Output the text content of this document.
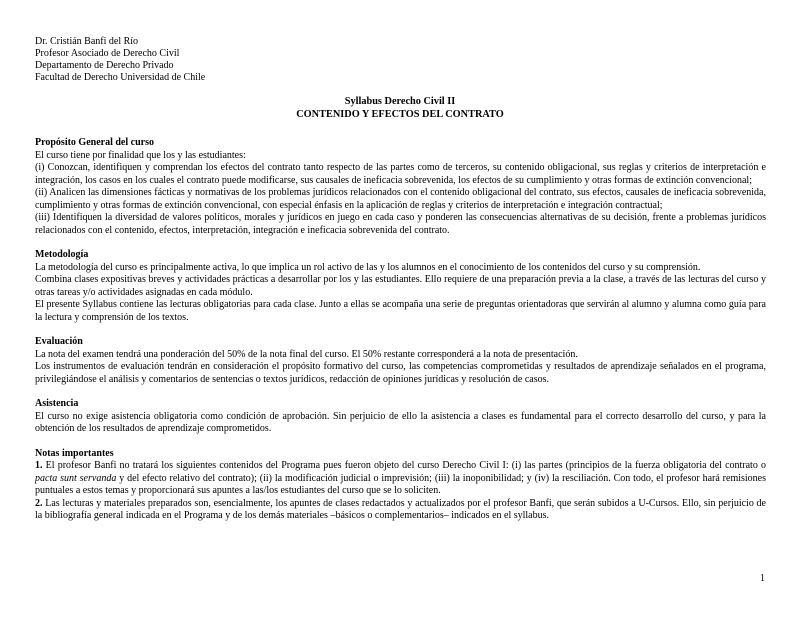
Dr. Cristián Banfi del Río
Profesor Asociado de Derecho Civil
Departamento de Derecho Privado
Facultad de Derecho Universidad de Chile
Syllabus Derecho Civil II
CONTENIDO Y EFECTOS DEL CONTRATO
Propósito General del curso

El curso tiene por finalidad que los y las estudiantes:

(i) Conozcan, identifiquen y comprendan los efectos del contrato tanto respecto de las partes como de terceros, su contenido obligacional, sus reglas y criterios de interpretación e integración, los casos en los cuales el contrato puede modificarse, sus causales de ineficacia sobrevenida, los efectos de su cumplimiento y otras formas de extinción convencional;

(ii) Analicen las dimensiones fácticas y normativas de los problemas jurídicos relacionados con el contenido obligacional del contrato, sus efectos, causales de ineficacia sobrevenida, cumplimiento y otras formas de extinción convencional, con especial énfasis en la aplicación de reglas y criterios de interpretación e integración contractual;

(iii) Identifiquen la diversidad de valores políticos, morales y jurídicos en juego en cada caso y ponderen las consecuencias alternativas de su decisión, frente a problemas jurídicos relacionados con el contenido, efectos, interpretación, integración e ineficacia sobrevenida del contrato.

Metodología

La metodología del curso es principalmente activa, lo que implica un rol activo de las y los alumnos en el conocimiento de los contenidos del curso y su comprensión.

Combina clases expositivas breves y actividades prácticas a desarrollar por los y las estudiantes. Ello requiere de una preparación previa a la clase, a través de las lecturas del curso y otras tareas y/o actividades asignadas en cada módulo.

El presente Syllabus contiene las lecturas obligatorias para cada clase. Junto a ellas se acompaña una serie de preguntas orientadoras que servirán al alumno y alumna como guía para la lectura y comprensión de los textos.

Evaluación

La nota del examen tendrá una ponderación del 50% de la nota final del curso. El 50% restante corresponderá a la nota de presentación.

Los instrumentos de evaluación tendrán en consideración el propósito formativo del curso, las competencias comprometidas y resultados de aprendizaje señalados en el programa, privilegiándose el análisis y comentarios de sentencias o textos jurídicos, redacción de opiniones jurídicas y resolución de casos.

Asistencia

El curso no exige asistencia obligatoria como condición de aprobación. Sin perjuicio de ello la asistencia a clases es fundamental para el correcto desarrollo del curso, y para la obtención de los resultados de aprendizaje comprometidos.

Notas importantes

1. El profesor Banfi no tratará los siguientes contenidos del Programa pues fueron objeto del curso Derecho Civil I: (i) las partes (principios de la fuerza obligatoria del contrato o pacta sunt servanda y del efecto relativo del contrato); (ii) la modificación judicial o imprevisión; (iii) la inoponibilidad; y (iv) la resciliación. Con todo, el profesor hará remisiones puntuales a estos temas y proporcionará sus apuntes a las/los estudiantes del curso que se lo soliciten.

2. Las lecturas y materiales preparados son, esencialmente, los apuntes de clases redactados y actualizados por el profesor Banfi, que serán subidos a U-Cursos. Ello, sin perjuicio de la bibliografía general indicada en el Programa y de los demás materiales –básicos o complementarios– indicados en el syllabus.

1
